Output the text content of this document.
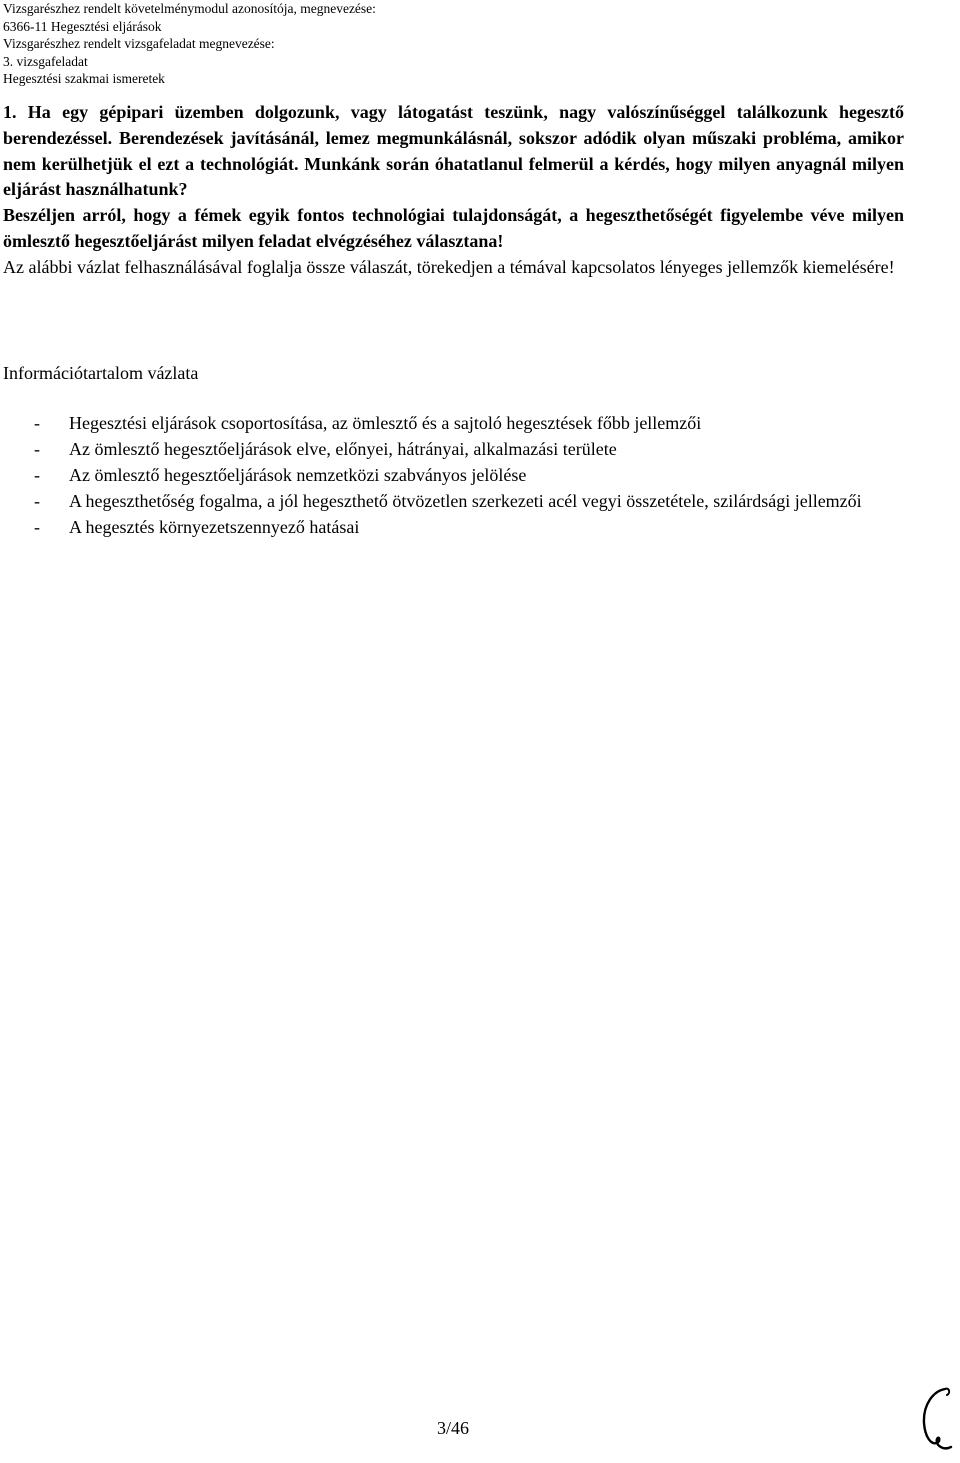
Vizsgarészhez rendelt követelménymodul azonosítója, megnevezése:
6366-11 Hegesztési eljárások
Vizsgarészhez rendelt vizsgafeladat megnevezése:
3. vizsgafeladat
Hegesztési szakmai ismeretek

1. Ha egy gépipari üzemben dolgozunk, vagy látogatást teszünk, nagy valószínűséggel találkozunk hegesztő berendezéssel. Berendezések javításánál, lemez megmunkálásnál, sokszor adódik olyan műszaki probléma, amikor nem kerülhetjük el ezt a technológiát. Munkánk során óhatatlanul felmerül a kérdés, hogy milyen anyagnál milyen eljárást használhatunk?

Beszéljen arról, hogy a fémek egyik fontos technológiai tulajdonságát, a hegeszthetőségét figyelembe véve milyen ömlesztő hegesztőeljárást milyen feladat elvégzéséhez választana!

Az alábbi vázlat felhasználásával foglalja össze válaszát, törekedjen a témával kapcsolatos lényeges jellemzők kiemelésére!

Információtartalom vázlata
- Hegesztési eljárások csoportosítása, az ömlesztő és a sajtoló hegesztések főbb jellemzői
- Az ömlesztő hegesztőeljárások elve, előnyei, hátrányai, alkalmazási területe
- Az ömlesztő hegesztőeljárások nemzetközi szabványos jelölése
- A hegeszthetőség fogalma, a jól hegeszthető ötvözetlen szerkezeti acél vegyi összetétele, szilárdsági jellemzői
- A hegesztés környezetszennyező hatásai
3/46
